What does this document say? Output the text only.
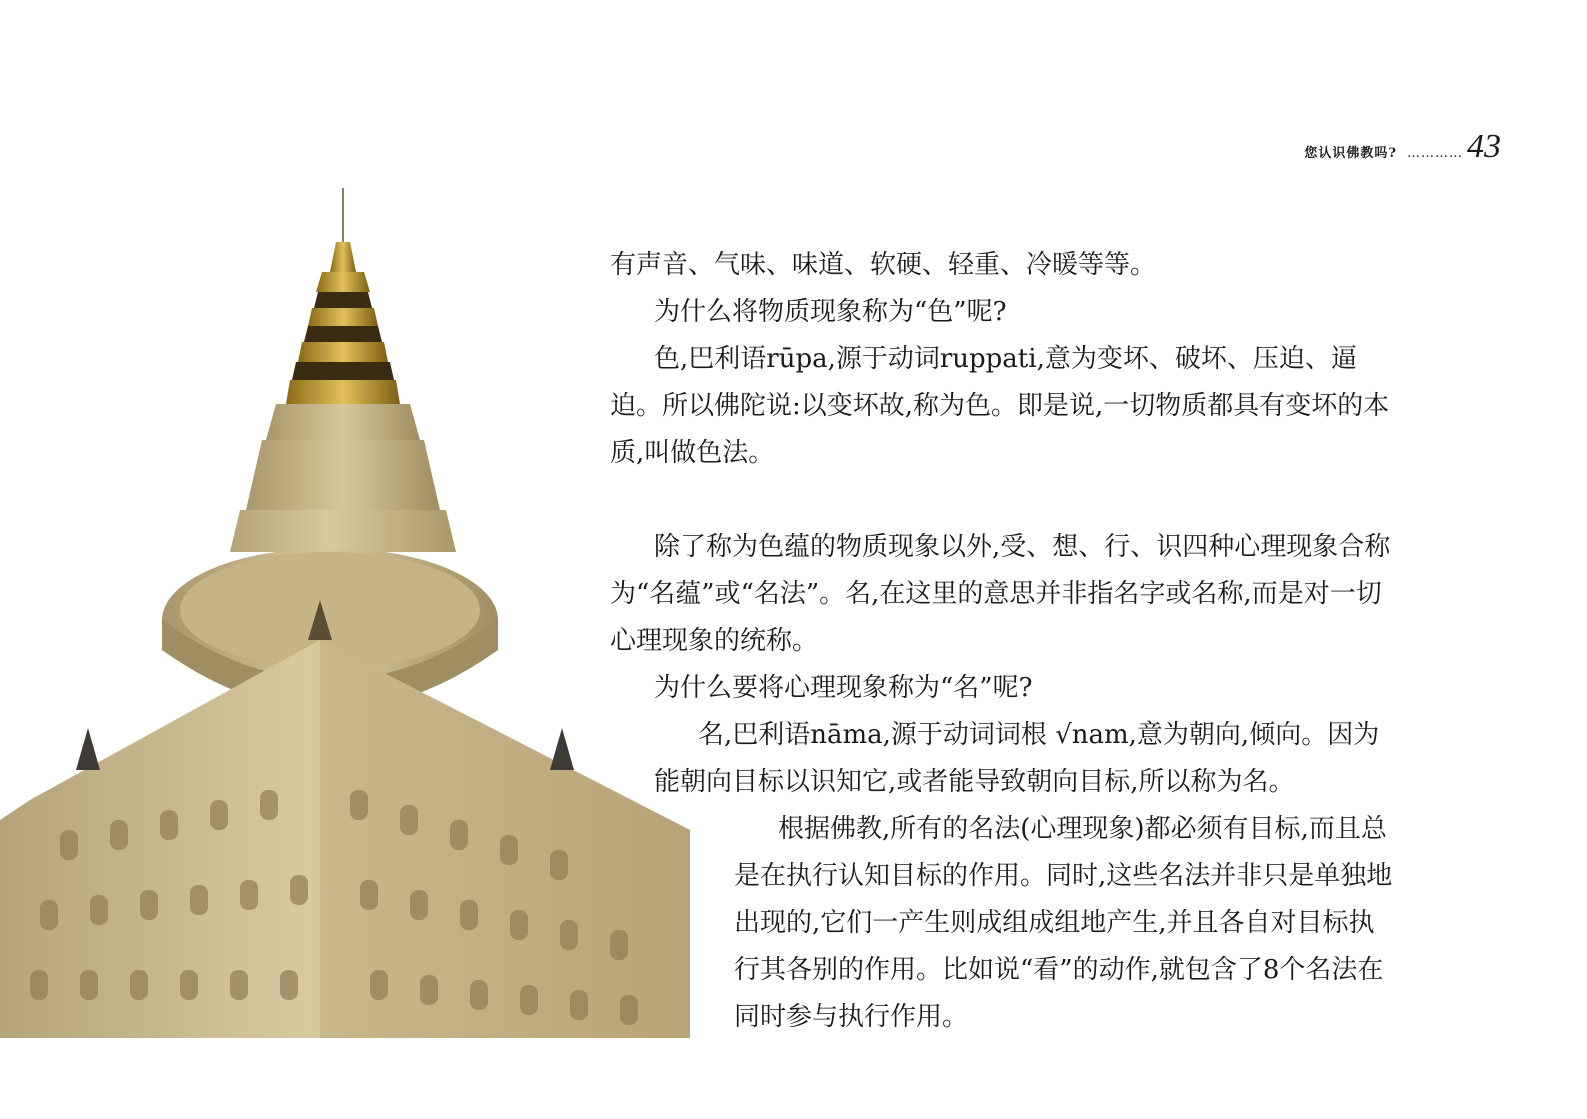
您认识佛教吗? ………… 43

有声音、气味、味道、软硬、轻重、冷暖等等。

为什么将物质现象称为“色”呢?

色,巴利语rūpa,源于动词ruppati,意为变坏、破坏、压迫、逼迫。所以佛陀说:以变坏故,称为色。即是说,一切物质都具有变坏的本质,叫做色法。

除了称为色蕴的物质现象以外,受、想、行、识四种心理现象合称为“名蕴”或“名法”。名,在这里的意思并非指名字或名称,而是对一切心理现象的统称。

为什么要将心理现象称为“名”呢?

名,巴利语nāma,源于动词词根 √nam,意为朝向,倾向。因为能朝向目标以识知它,或者能导致朝向目标,所以称为名。

根据佛教,所有的名法(心理现象)都必须有目标,而且总是在执行认知目标的作用。同时,这些名法并非只是单独地出现的,它们一产生则成组成组地产生,并且各自对目标执行其各别的作用。比如说“看”的动作,就包含了8个名法在同时参与执行作用。
